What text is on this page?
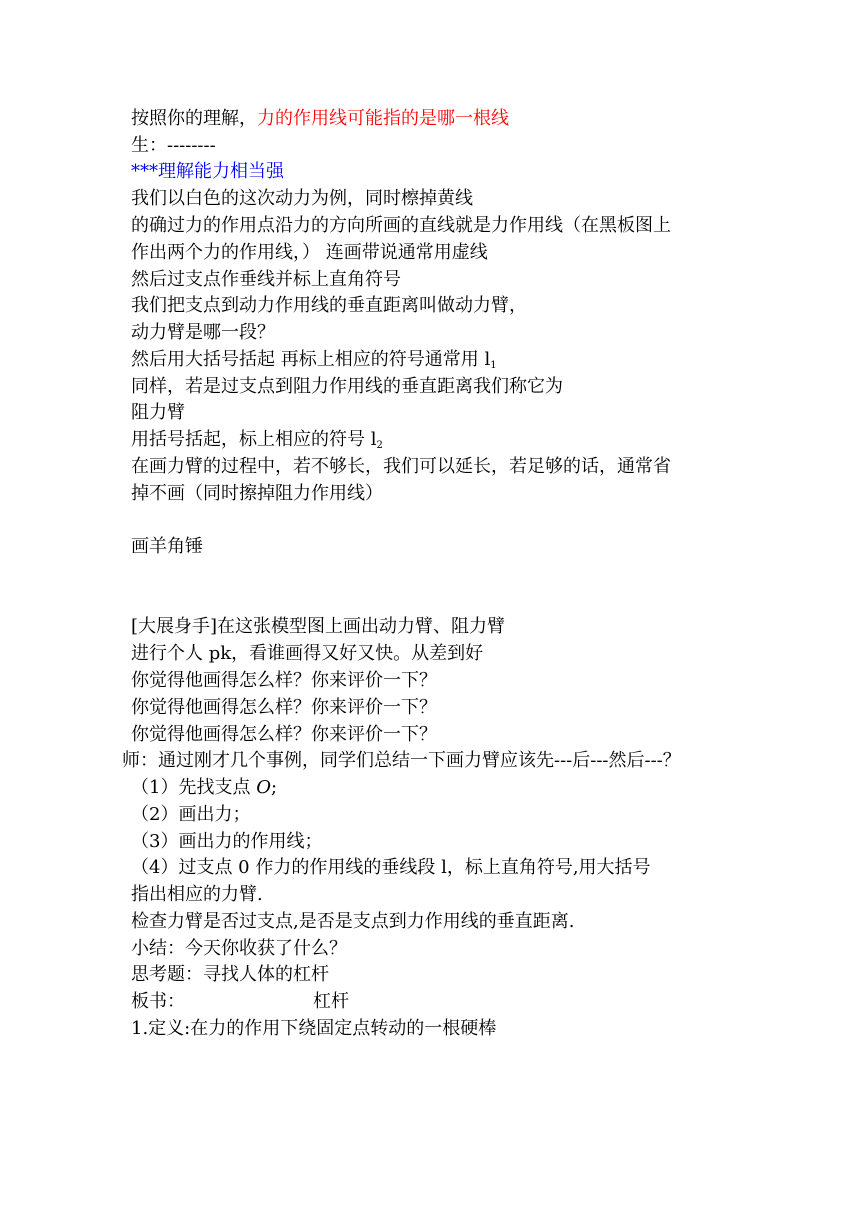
按照你的理解，力的作用线可能指的是哪一根线
生：--------
***理解能力相当强
我们以白色的这次动力为例，同时檫掉黄线
的确过力的作用点沿力的方向所画的直线就是力作用线（在黑板图上
作出两个力的作用线，） 连画带说通常用虚线
然后过支点作垂线并标上直角符号
我们把支点到动力作用线的垂直距离叫做动力臂，
动力臂是哪一段？
然后用大括号括起 再标上相应的符号通常用 $l_1$
同样，若是过支点到阻力作用线的垂直距离我们称它为
阻力臂
用括号括起，标上相应的符号 $l_2$
在画力臂的过程中，若不够长，我们可以延长，若足够的话，通常省
掉不画（同时擦掉阻力作用线）
画羊角锤
[大展身手]在这张模型图上画出动力臂、阻力臂
进行个人 pk，看谁画得又好又快。从差到好
你觉得他画得怎么样？你来评价一下？
你觉得他画得怎么样？你来评价一下？
你觉得他画得怎么样？你来评价一下？
师：通过刚才几个事例，同学们总结一下画力臂应该先---后---然后---？
（1）先找支点 O;
（2）画出力；
（3）画出力的作用线；
（4）过支点 0 作力的作用线的垂线段 l，标上直角符号,用大括号
指出相应的力臂.
检查力臂是否过支点,是否是支点到力作用线的垂直距离.
小结：今天你收获了什么？
思考题：寻找人体的杠杆
板书：	杠杆
1.定义:在力的作用下绕固定点转动的一根硬棒
